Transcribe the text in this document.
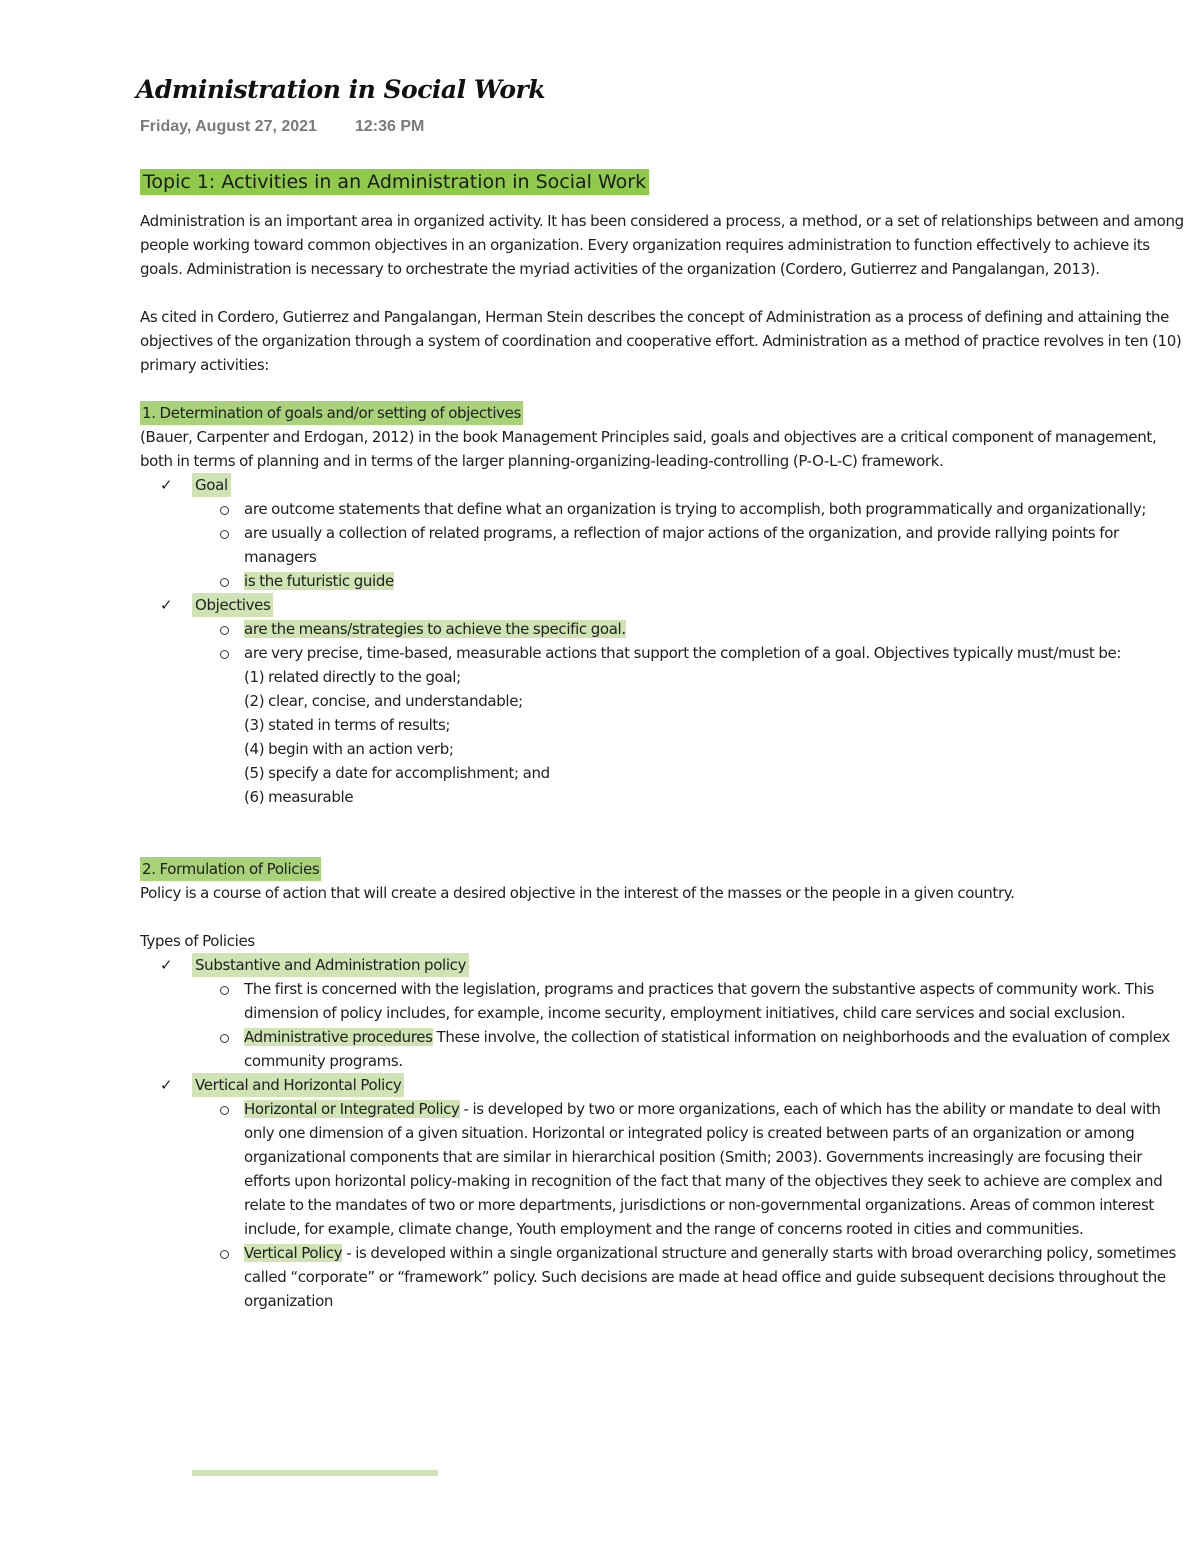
Administration in Social Work
Friday, August 27, 2021 12:36 PM
Topic 1: Activities in an Administration in Social Work

Administration is an important area in organized activity. It has been considered a process, a method, or a set of relationships between and among people working toward common objectives in an organization. Every organization requires administration to function effectively to achieve its goals. Administration is necessary to orchestrate the myriad activities of the organization (Cordero, Gutierrez and Pangalangan, 2013).

As cited in Cordero, Gutierrez and Pangalangan, Herman Stein describes the concept of Administration as a process of defining and attaining the objectives of the organization through a system of coordination and cooperative effort. Administration as a method of practice revolves in ten (10) primary activities:

1. Determination of goals and/or setting of objectives

(Bauer, Carpenter and Erdogan, 2012) in the book Management Principles said, goals and objectives are a critical component of management, both in terms of planning and in terms of the larger planning-organizing-leading-controlling (P-O-L-C) framework.

✓ Goal
are outcome statements that define what an organization is trying to accomplish, both programmatically and organizationally;
are usually a collection of related programs, a reflection of major actions of the organization, and provide rallying points for managers
is the futuristic guide
✓ Objectives
are the means/strategies to achieve the specific goal.
are very precise, time-based, measurable actions that support the completion of a goal. Objectives typically must/must be:
(1) related directly to the goal;
(2) clear, concise, and understandable;
(3) stated in terms of results;
(4) begin with an action verb;
(5) specify a date for accomplishment; and
(6) measurable
2. Formulation of Policies

Policy is a course of action that will create a desired objective in the interest of the masses or the people in a given country.

Types of Policies

✓ Substantive and Administration policy
The first is concerned with the legislation, programs and practices that govern the substantive aspects of community work. This dimension of policy includes, for example, income security, employment initiatives, child care services and social exclusion.
Administrative procedures These involve, the collection of statistical information on neighborhoods and the evaluation of complex community programs.
✓ Vertical and Horizontal Policy
Horizontal or Integrated Policy - is developed by two or more organizations, each of which has the ability or mandate to deal with only one dimension of a given situation. Horizontal or integrated policy is created between parts of an organization or among organizational components that are similar in hierarchical position (Smith; 2003). Governments increasingly are focusing their efforts upon horizontal policy-making in recognition of the fact that many of the objectives they seek to achieve are complex and relate to the mandates of two or more departments, jurisdictions or non-governmental organizations. Areas of common interest include, for example, climate change, Youth employment and the range of concerns rooted in cities and communities.
Vertical Policy - is developed within a single organizational structure and generally starts with broad overarching policy, sometimes called “corporate” or “framework” policy. Such decisions are made at head office and guide subsequent decisions throughout the organization
